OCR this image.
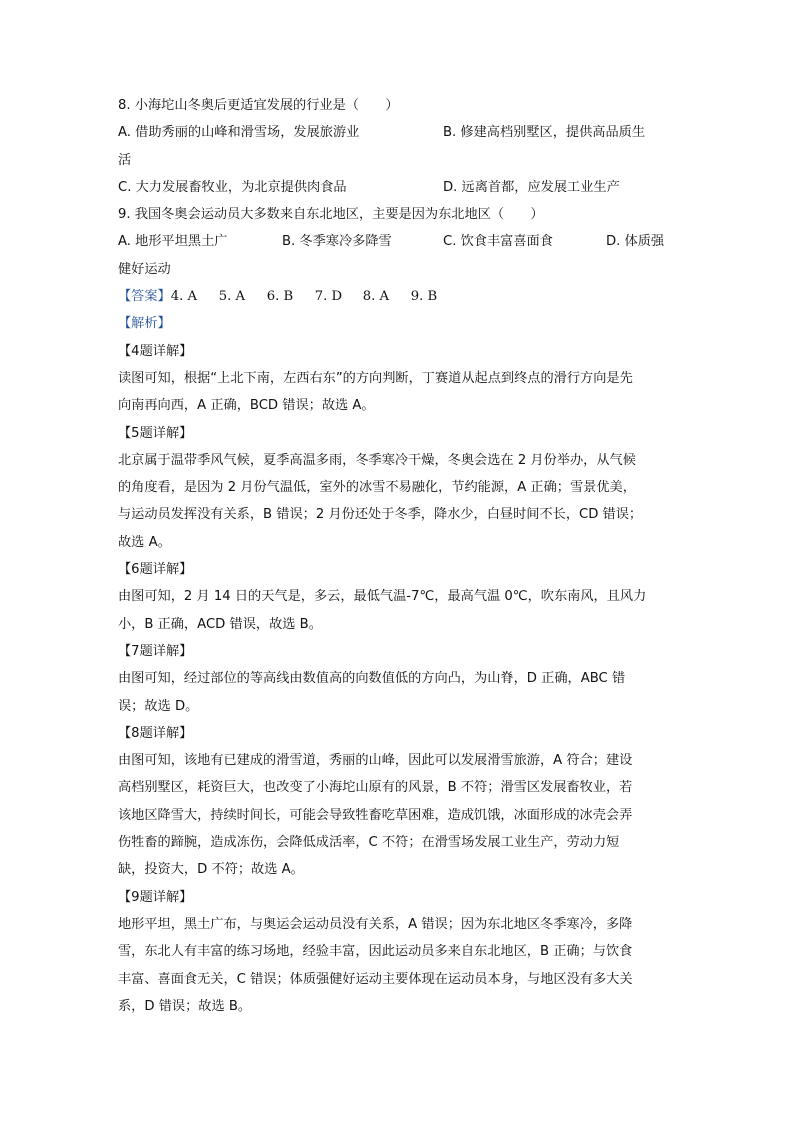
8. 小海坨山冬奥后更适宜发展的行业是（　　）
A. 借助秀丽的山峰和滑雪场，发展旅游业	B. 修建高档别墅区，提供高品质生
活
C. 大力发展畜牧业，为北京提供肉食品	D. 远离首都，应发展工业生产
9. 我国冬奥会运动员大多数来自东北地区，主要是因为东北地区（　　）
A. 地形平坦黑土广	B. 冬季寒冷多降雪	C. 饮食丰富喜面食	D. 体质强
健好运动
【答案】4. A 5. A 6. B 7. D 8. A 9. B
【解析】
【4题详解】
读图可知，根据“上北下南，左西右东”的方向判断，丁赛道从起点到终点的滑行方向是先
向南再向西，A 正确，BCD 错误；故选 A。
【5题详解】
北京属于温带季风气候，夏季高温多雨，冬季寒冷干燥，冬奥会选在 2 月份举办，从气候
的角度看，是因为 2 月份气温低，室外的冰雪不易融化，节约能源，A 正确；雪景优美，
与运动员发挥没有关系，B 错误；2 月份还处于冬季，降水少，白昼时间不长，CD 错误；
故选 A。
【6题详解】
由图可知，2 月 14 日的天气是，多云，最低气温-7℃，最高气温 0℃，吹东南风，且风力
小，B 正确，ACD 错误，故选 B。
【7题详解】
由图可知，经过部位的等高线由数值高的向数值低的方向凸，为山脊，D 正确，ABC 错
误；故选 D。
【8题详解】
由图可知，该地有已建成的滑雪道，秀丽的山峰，因此可以发展滑雪旅游，A 符合；建设
高档别墅区，耗资巨大，也改变了小海坨山原有的风景，B 不符；滑雪区发展畜牧业，若
该地区降雪大，持续时间长，可能会导致牲畜吃草困难，造成饥饿，冰面形成的冰壳会弄
伤牲畜的蹄腕，造成冻伤，会降低成活率，C 不符；在滑雪场发展工业生产，劳动力短
缺，投资大，D 不符；故选 A。
【9题详解】
地形平坦，黑土广布，与奥运会运动员没有关系，A 错误；因为东北地区冬季寒冷，多降
雪，东北人有丰富的练习场地，经验丰富，因此运动员多来自东北地区，B 正确；与饮食
丰富、喜面食无关，C 错误；体质强健好运动主要体现在运动员本身，与地区没有多大关
系，D 错误；故选 B。
